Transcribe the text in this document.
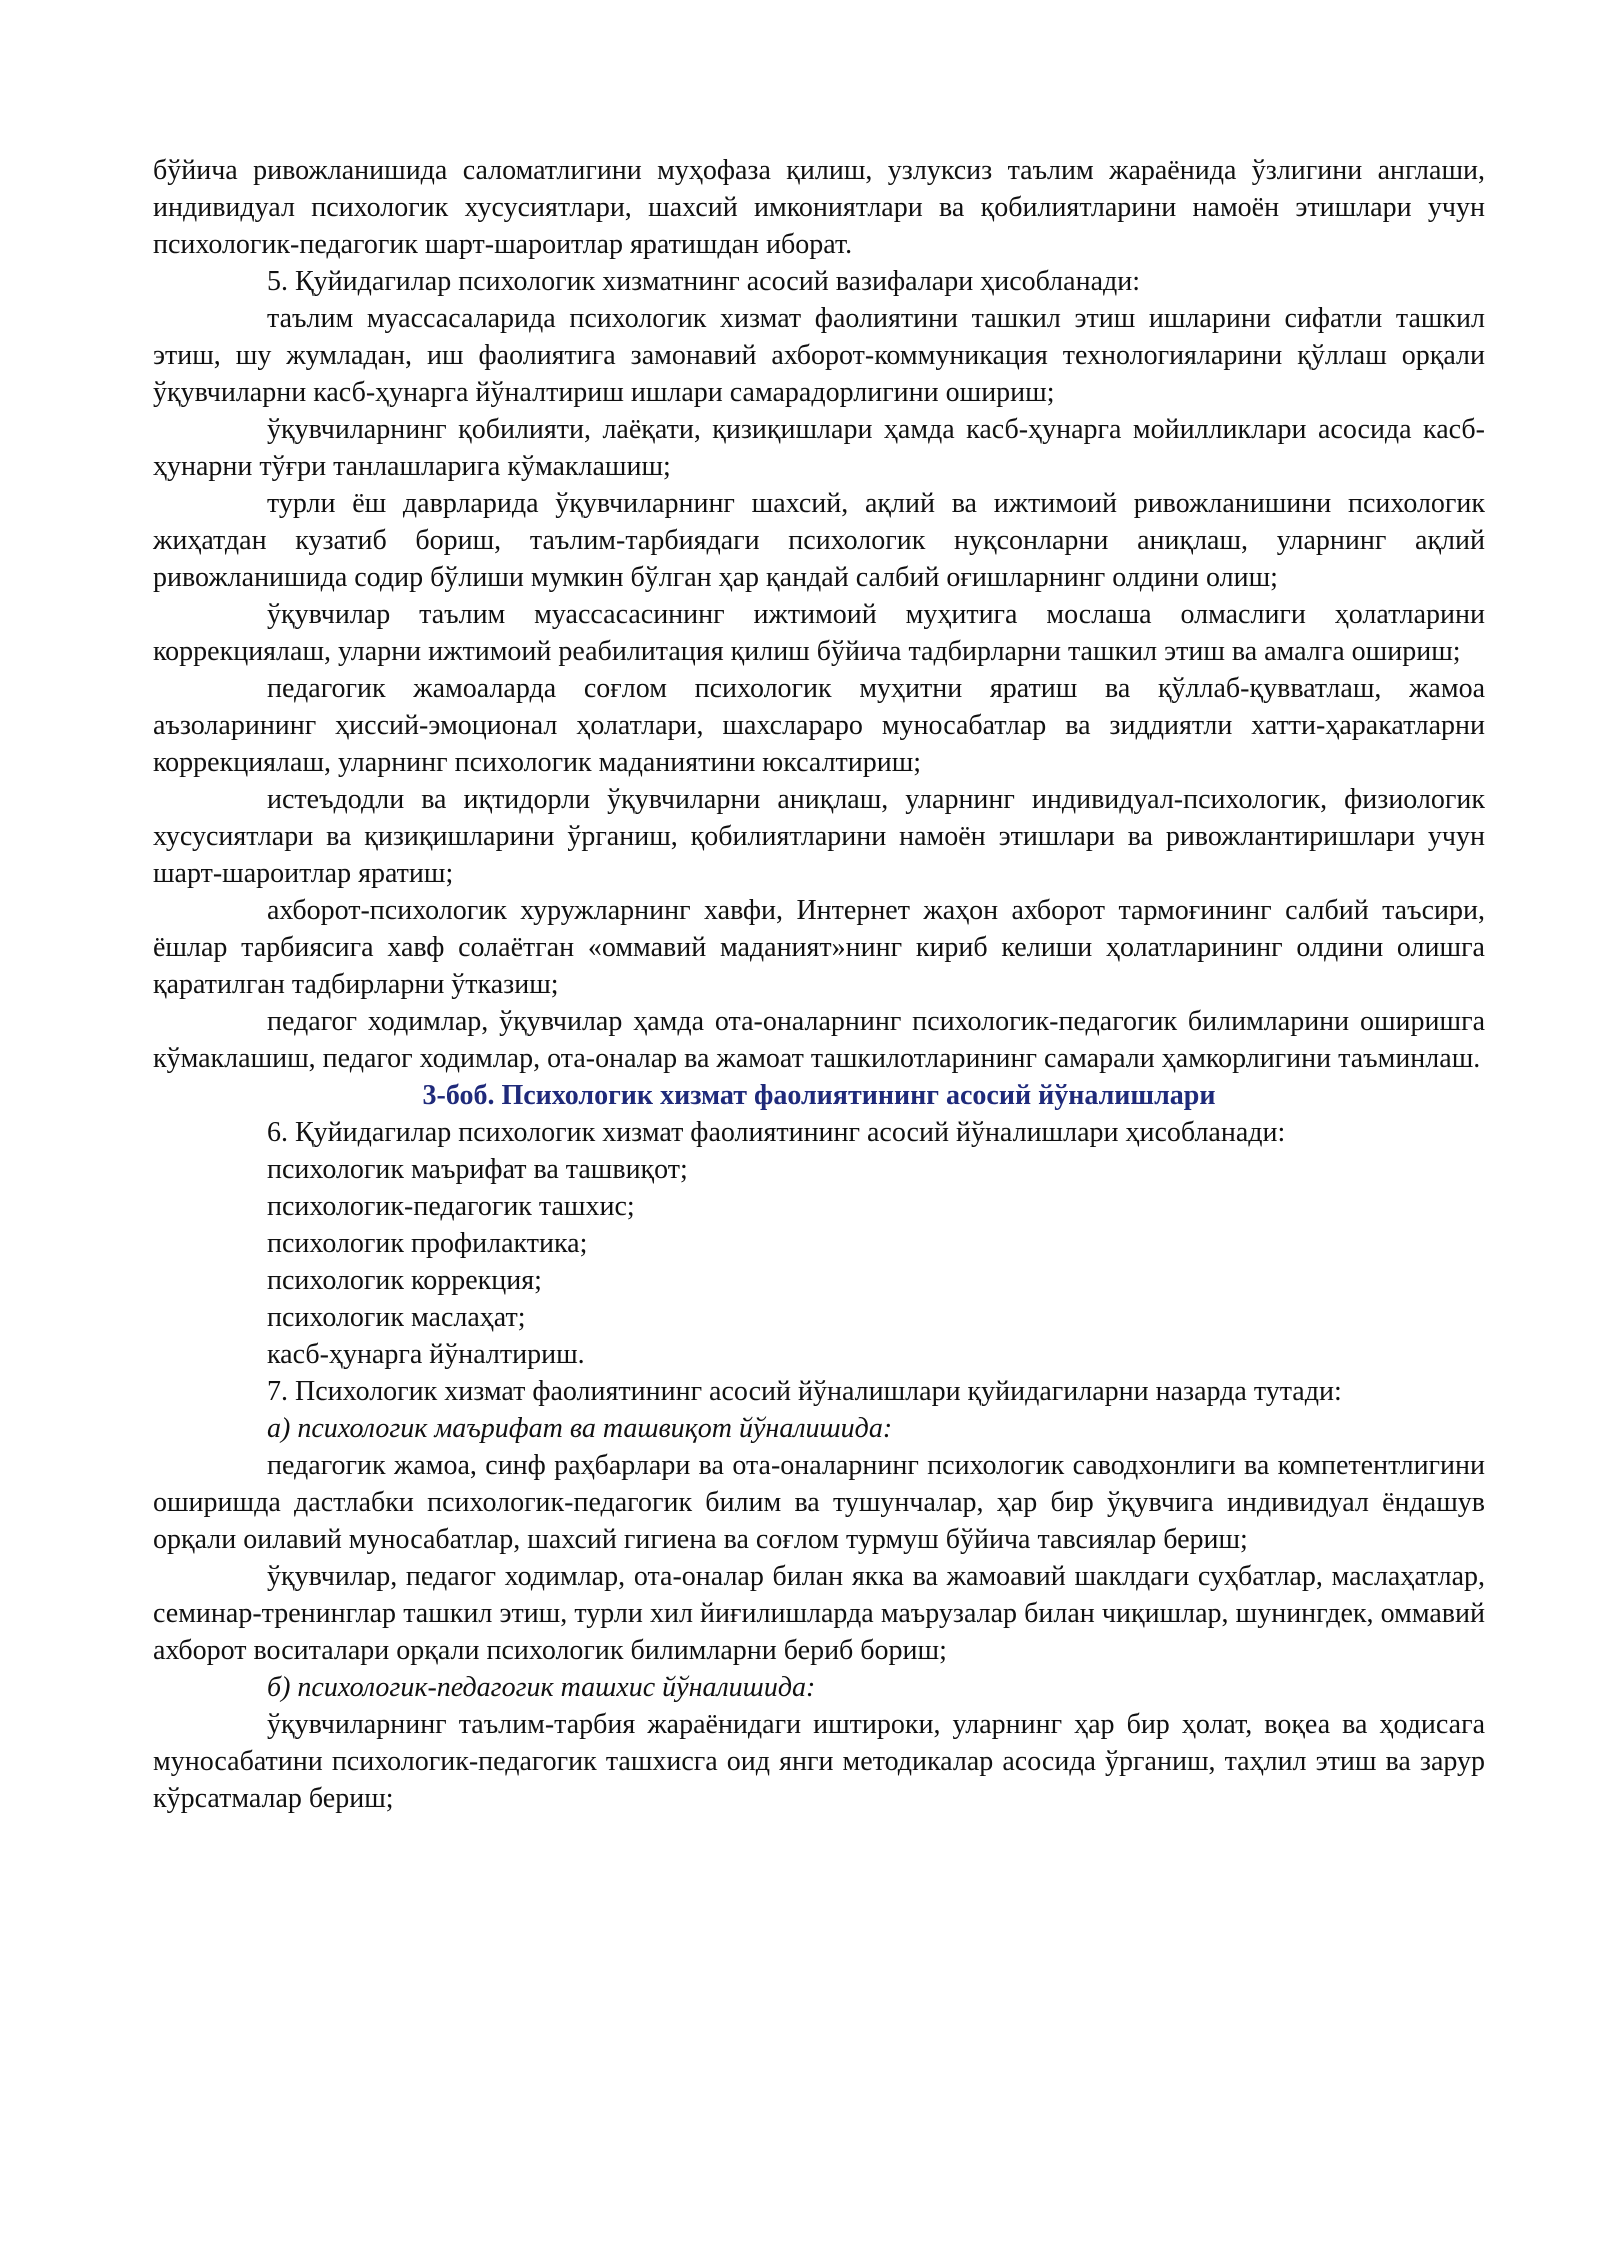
бўйича ривожланишида саломатлигини муҳофаза қилиш, узлуксиз таълим жараёнида ўзлигини англаши, индивидуал психологик хусусиятлари, шахсий имкониятлари ва қобилиятларини намоён этишлари учун психологик-педагогик шарт-шароитлар яратишдан иборат.

5. Қуйидагилар психологик хизматнинг асосий вазифалари ҳисобланади:

таълим муассасаларида психологик хизмат фаолиятини ташкил этиш ишларини сифатли ташкил этиш, шу жумладан, иш фаолиятига замонавий ахборот-коммуникация технологияларини қўллаш орқали ўқувчиларни касб-ҳунарга йўналтириш ишлари самарадорлигини ошириш;

ўқувчиларнинг қобилияти, лаёқати, қизиқишлари ҳамда касб-ҳунарга мойилликлари асосида касб-ҳунарни тўғри танлашларига кўмаклашиш;

турли ёш даврларида ўқувчиларнинг шахсий, ақлий ва ижтимоий ривожланишини психологик жиҳатдан кузатиб бориш, таълим-тарбиядаги психологик нуқсонларни аниқлаш, уларнинг ақлий ривожланишида содир бўлиши мумкин бўлган ҳар қандай салбий оғишларнинг олдини олиш;

ўқувчилар таълим муассасасининг ижтимоий муҳитига мослаша олмаслиги ҳолатларини коррекциялаш, уларни ижтимоий реабилитация қилиш бўйича тадбирларни ташкил этиш ва амалга ошириш;

педагогик жамоаларда соғлом психологик муҳитни яратиш ва қўллаб-қувватлаш, жамоа аъзоларининг ҳиссий-эмоционал ҳолатлари, шахслараро муносабатлар ва зиддиятли хатти-ҳаракатларни коррекциялаш, уларнинг психологик маданиятини юксалтириш;

истеъдодли ва иқтидорли ўқувчиларни аниқлаш, уларнинг индивидуал-психологик, физиологик хусусиятлари ва қизиқишларини ўрганиш, қобилиятларини намоён этишлари ва ривожлантиришлари учун шарт-шароитлар яратиш;

ахборот-психологик хуружларнинг хавфи, Интернет жаҳон ахборот тармоғининг салбий таъсири, ёшлар тарбиясига хавф солаётган «оммавий маданият»нинг кириб келиши ҳолатларининг олдини олишга қаратилган тадбирларни ўтказиш;

педагог ходимлар, ўқувчилар ҳамда ота-оналарнинг психологик-педагогик билимларини оширишга кўмаклашиш, педагог ходимлар, ота-оналар ва жамоат ташкилотларининг самарали ҳамкорлигини таъминлаш.

3-боб. Психологик хизмат фаолиятининг асосий йўналишлари

6. Қуйидагилар психологик хизмат фаолиятининг асосий йўналишлари ҳисобланади:

психологик маърифат ва ташвиқот;

психологик-педагогик ташхис;

психологик профилактика;

психологик коррекция;

психологик маслаҳат;

касб-ҳунарга йўналтириш.

7. Психологик хизмат фаолиятининг асосий йўналишлари қуйидагиларни назарда тутади:

а) психологик маърифат ва ташвиқот йўналишида:

педагогик жамоа, синф раҳбарлари ва ота-оналарнинг психологик саводхонлиги ва компетентлигини оширишда дастлабки психологик-педагогик билим ва тушунчалар, ҳар бир ўқувчига индивидуал ёндашув орқали оилавий муносабатлар, шахсий гигиена ва соғлом турмуш бўйича тавсиялар бериш;

ўқувчилар, педагог ходимлар, ота-оналар билан якка ва жамоавий шаклдаги суҳбатлар, маслаҳатлар, семинар-тренинглар ташкил этиш, турли хил йиғилишларда маърузалар билан чиқишлар, шунингдек, оммавий ахборот воситалари орқали психологик билимларни бериб бориш;

б) психологик-педагогик ташхис йўналишида:

ўқувчиларнинг таълим-тарбия жараёнидаги иштироки, уларнинг ҳар бир ҳолат, воқеа ва ҳодисага муносабатини психологик-педагогик ташхисга оид янги методикалар асосида ўрганиш, таҳлил этиш ва зарур кўрсатмалар бериш;
